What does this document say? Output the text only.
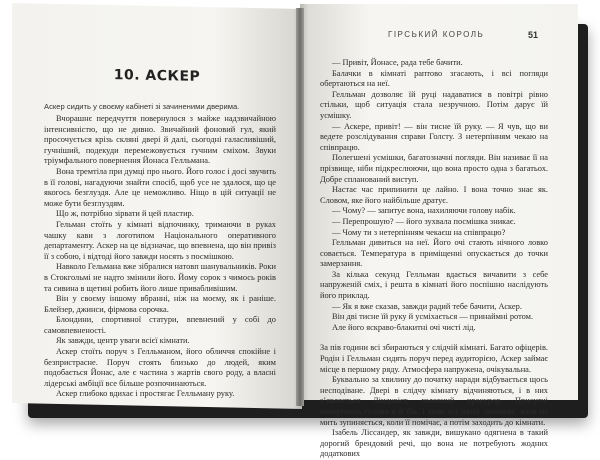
10. АСКЕР
ГІРСЬКИЙ КОРОЛЬ	51
Аскер сидить у своєму кабінеті зі зачиненими дверима.

Вчорашнє передчуття повернулося з майже надзвичайною інтенсивністю, що не дивно. Звичайний фоновий гул, який просочується крізь скляні двері й далі, сьогодні галасливіший, гучніший, подекуди перемежовується гучним сміхом. Звуки тріумфального повернення Йонаса Гелльмана.

Вона тремтіла при думці про нього. Його голос і досі звучить в її голові, нагадуючи знайти спосіб, щоб усе не здалося, що це якогось безглуздя. Але це неможливо. Ніщо в цій ситуації не може бути безглуздям.

Що ж, потрібно зірвати й цей пластир.

Гельман стоїть у кімнаті відпочинку, тримаючи в руках чашку кави з логотипом Національного оперативного департаменту. Аскер на це відзначає, що впевнена, що він привіз її з собою, і відтоді його завжди носять з посмішкою.

Навколо Гельмана вже зібралися натовп шанувальників. Роки в Стокгольмі не надто змінили його. Йому сорок з чимось років та сивина в щетині робить його лише привабливішим.

Він у своєму іншому вбранні, ніж на моєму, як і раніше. Блейзер, джинси, фірмова сорочка.

Блондини, спортивної статури, впевнений у собі до самовпевненості.

Як завжди, центр уваги всієї кімнати.

Аскер стоїть поруч з Гелльманом, його обличчя спокійне і безпристрасне. Поруч стоять близько до людей, яким подобається Йонас, але є частина з жартів свого роду, а власні лідерські амбіції все більше розпочинаються.

Аскер глибоко вдихає і простягає Гелльману руку.

— Привіт, Йонасе, рада тебе бачити.

Балачки в кімнаті раптово згасають, і всі погляди обертаються на неї.

Гелльман дозволяє їй руці надаватися в повітрі рівно стільки, щоб ситуація стала незручною. Потім дарує їй усмішку.

— Аскере, привіт! — він тисне їй руку. — Я чув, що ви ведете розслідування справи Голсту. З нетерпінням чекаю на співпрацю.

Полегшені усмішки, багатозначні погляди. Він називає її на прізвище, ніби підкреслюючи, що вона просто одна з багатьох. Добре спланований виступ.

Настає час припинити це лайно. І вона точно знає як. Словом, яке його найбільше дратує.

— Чому? — запитує вона, нахиляючи голову набік.

— Перепрошую? — його зухвала посмішка зникає.

— Чому ти з нетерпінням чекаєш на співпрацю?

Гелльман дивиться на неї. Його очі стають нічного ловко совається. Температура в приміщенні опускається до точки замерзання.

За кілька секунд Гелльман вдається вичавити з себе напруженій сміх, і решта в кімнаті його поспішно наслідують його приклад.

— Як я вже сказав, завжди радий тебе бачити, Аскер.

Він дві тисне їй руку й усміхається — принаймні ротом.

Але його яскраво-блакитні очі чисті лід.

За пів години всі збираються у слідчій кімнаті. Багато офіцерів. Родін і Гелльман сидять поруч перед аудиторією, Аскер займає місце в першому ряду. Атмосфера напружена, очікувальна.

Буквально за хвилину до початку наради відбувається щось несподіване. Двері в слідчу кімнату відчиняються, і в них з’являється Ліндквіст, головний прокурор. Присутні повертають голови в її бік, і коли всі знову замовкає, вона на мить зупиняється, коли її помічає, а потім заходить до кімнати.

Ізабель Ліссандер, як завжди, вишукано одягнена в такий дорогий брендовий речі, що вона не потребують жодних додаткових
